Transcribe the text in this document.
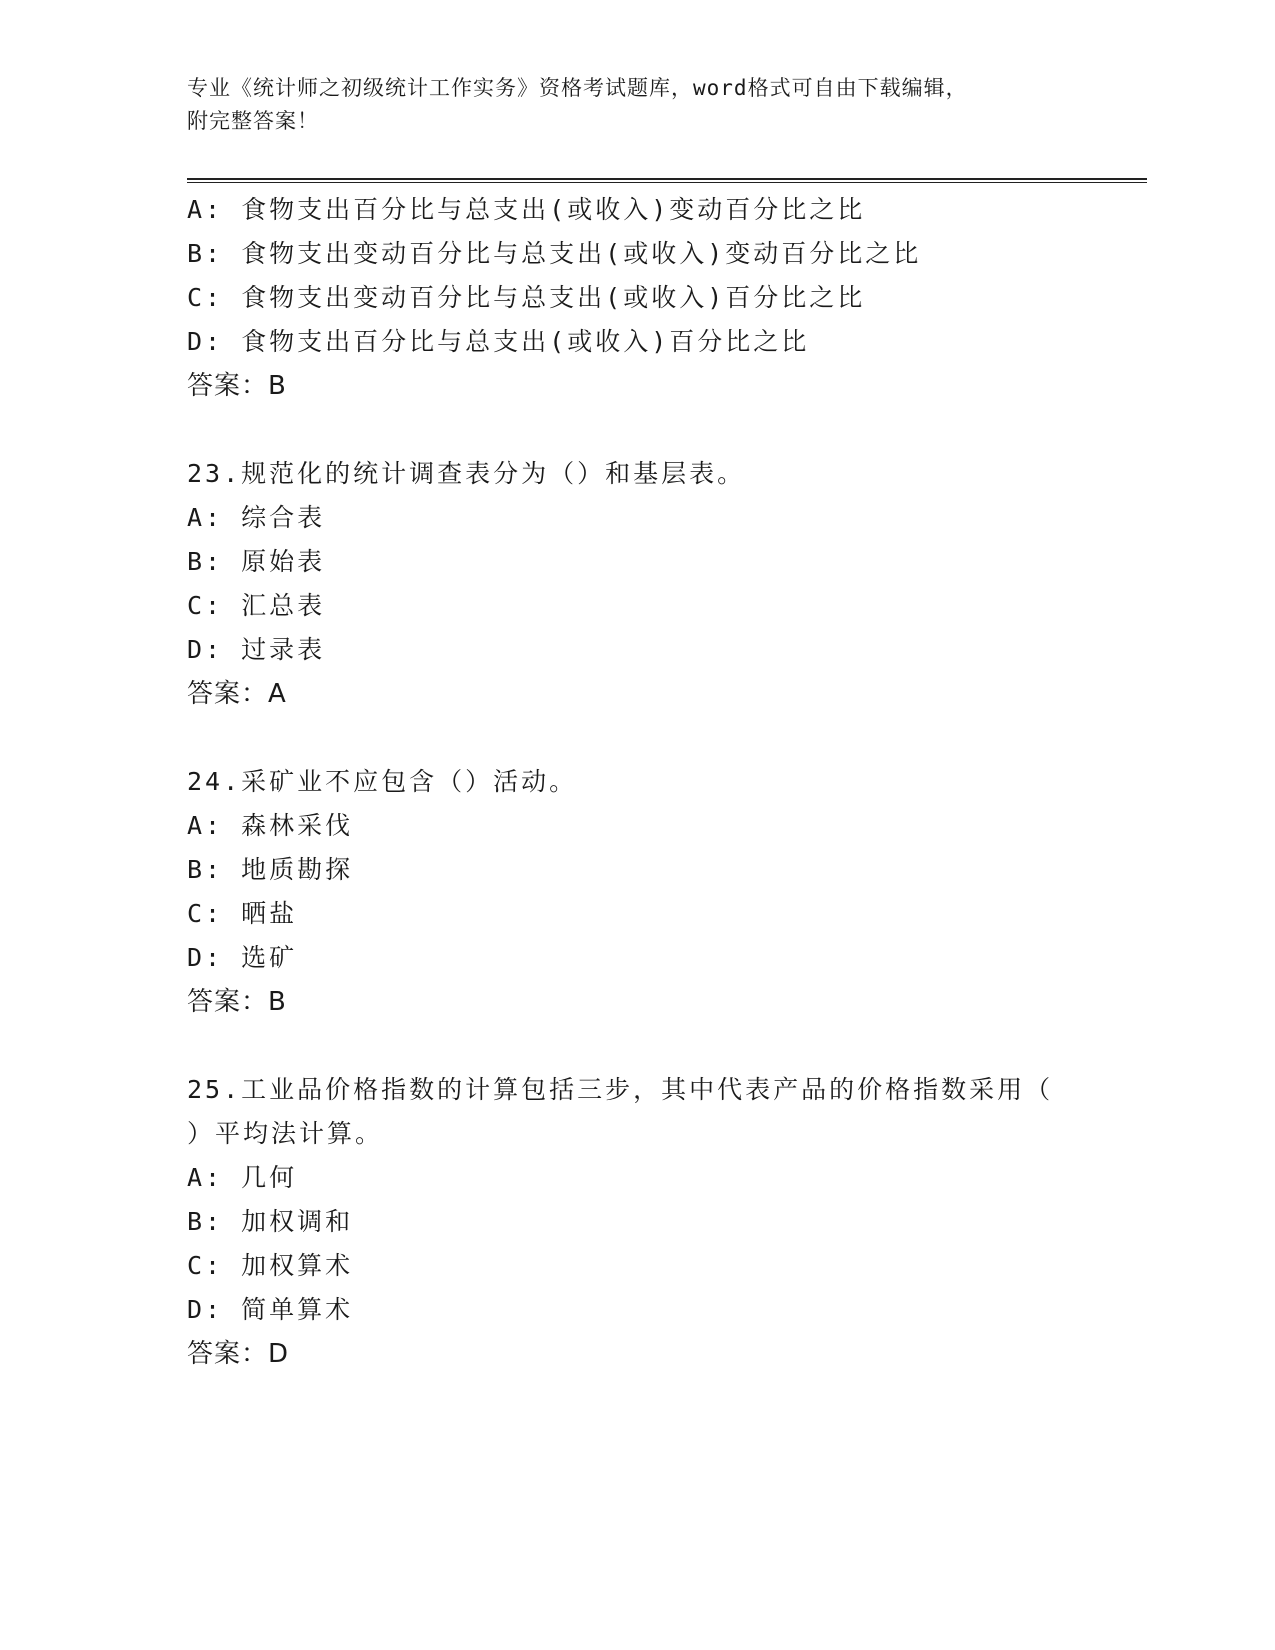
专业《统计师之初级统计工作实务》资格考试题库，word格式可自由下载编辑，
附完整答案！
A: 食物支出百分比与总支出(或收入)变动百分比之比
B: 食物支出变动百分比与总支出(或收入)变动百分比之比
C: 食物支出变动百分比与总支出(或收入)百分比之比
D: 食物支出百分比与总支出(或收入)百分比之比
答案：B
23.规范化的统计调查表分为（）和基层表。
A: 综合表
B: 原始表
C: 汇总表
D: 过录表
答案：A
24.采矿业不应包含（）活动。
A: 森林采伐
B: 地质勘探
C: 晒盐
D: 选矿
答案：B
25.工业品价格指数的计算包括三步，其中代表产品的价格指数采用（
）平均法计算。
A: 几何
B: 加权调和
C: 加权算术
D: 简单算术
答案：D
